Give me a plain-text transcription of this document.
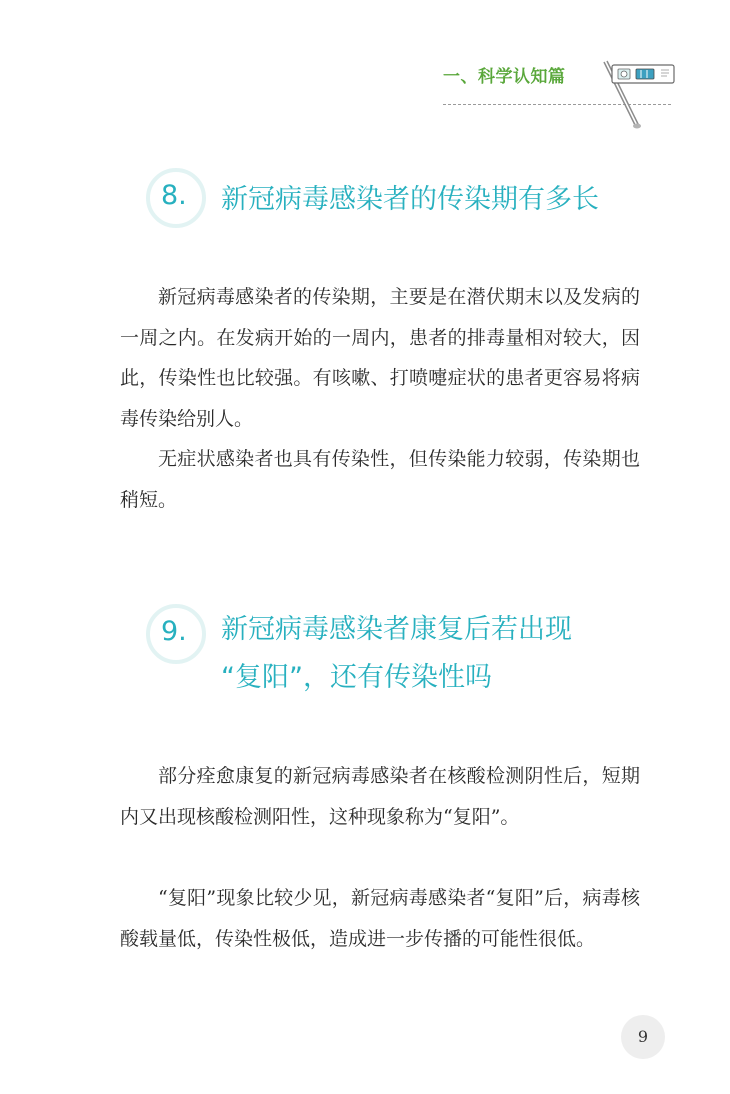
一、科学认知篇
8. 新冠病毒感染者的传染期有多长

新冠病毒感染者的传染期，主要是在潜伏期末以及发病的一周之内。在发病开始的一周内，患者的排毒量相对较大，因此，传染性也比较强。有咳嗽、打喷嚏症状的患者更容易将病毒传染给别人。

无症状感染者也具有传染性，但传染能力较弱，传染期也稍短。

9. 新冠病毒感染者康复后若出现
“复阳”，还有传染性吗

部分痊愈康复的新冠病毒感染者在核酸检测阴性后，短期内又出现核酸检测阳性，这种现象称为“复阳”。

“复阳”现象比较少见，新冠病毒感染者“复阳”后，病毒核酸载量低，传染性极低，造成进一步传播的可能性很低。

9
